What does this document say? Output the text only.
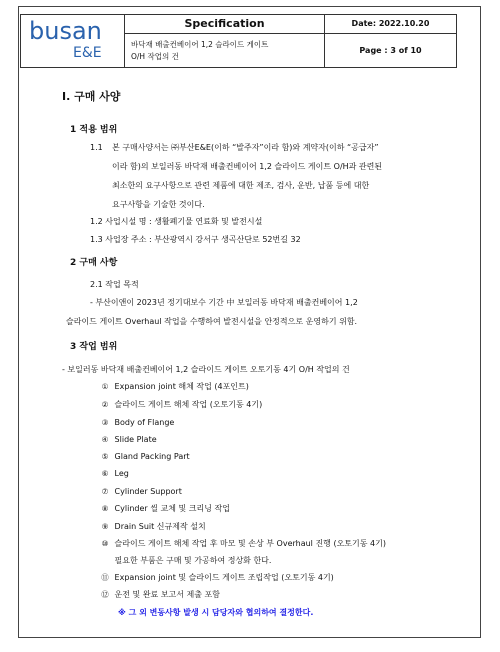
busan
E&E
Specification
바닥재 배출컨베이어 1,2 슬라이드 게이트
O/H 작업의 건
Date: 2022.10.20
Page : 3 of 10
I. 구매 사양
1 적용 범위
1.1 본 구매사양서는 ㈜부산E&E(이하 “발주자”이라 함)와 계약자(이하 “공급자”
이라 함)의 보일러동 바닥재 배출컨베이어 1,2 슬라이드 게이트 O/H과 관련된
최소한의 요구사항으로 관련 제품에 대한 제조, 검사, 운반, 납품 등에 대한
요구사항을 기술한 것이다.
1.2 사업시설 명 : 생활폐기물 연료화 및 발전시설
1.3 사업장 주소 : 부산광역시 강서구 생곡산단로 52번길 32
2 구매 사항
2.1 작업 목적
- 부산이앤이 2023년 정기대보수 기간 中 보일러동 바닥재 배출컨베이어 1,2
슬라이드 게이트 Overhaul 작업을 수행하여 발전시설을 안정적으로 운영하기 위함.
3 작업 범위
- 보일러동 바닥재 배출컨베이어 1,2 슬라이드 게이트 오토기동 4기 O/H 작업의 건
① Expansion joint 해체 작업 (4포인트)
② 슬라이드 게이트 해체 작업 (오토기동 4기)
③ Body of Flange
④ Slide Plate
⑤ Gland Packing Part
⑥ Leg
⑦ Cylinder Support
⑧ Cylinder 씰 교체 및 크리닝 작업
⑨ Drain Suit 신규제작 설치
⑩ 슬라이드 게이트 해체 작업 후 마모 및 손상 부 Overhaul 진행 (오토기동 4기)
필요한 부품은 구매 및 가공하여 정상화 한다.
⑪ Expansion joint 및 슬라이드 게이트 조립작업 (오토기동 4기)
⑫ 운전 및 완료 보고서 제출 포함
※ 그 외 변동사항 발생 시 담당자와 협의하여 결정한다.
